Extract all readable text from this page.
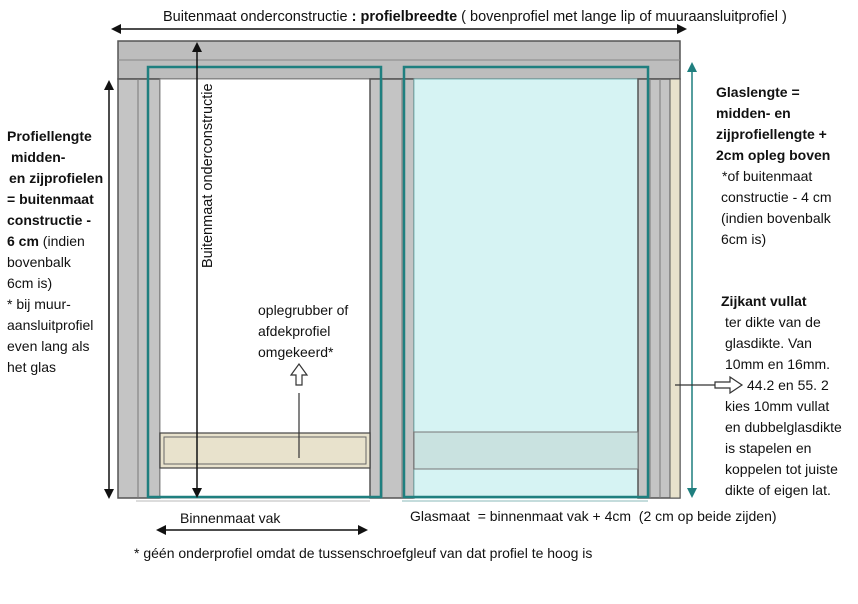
Buitenmaat onderconstructie : profielbreedte ( bovenprofiel met lange lip of muuraansluitprofiel )
Profiellengte
midden-
en zijprofielen
= buitenmaat
constructie -
6 cm (indien
bovenbalk
6cm is)
* bij muur-
aansluitprofiel
even lang als
het glas
Glaslengte =
midden- en
zijprofiellengte +
2cm opleg boven
*of buitenmaat
constructie - 4 cm
(indien bovenbalk
6cm is)
Zijkant vullat
ter dikte van de
glasdikte. Van
10mm en 16mm.
44.2 en 55. 2
kies 10mm vullat
en dubbelglasdikte
is stapelen en
koppelen tot juiste
dikte of eigen lat.
oplegrubber of
afdekprofiel
omgekeerd*
Buitenmaat onderconstructie
Binnenmaat vak	Glasmaat  = binnenmaat vak + 4cm  (2 cm op beide zijden)
* géén onderprofiel omdat de tussenschroefgleuf van dat profiel te hoog is
